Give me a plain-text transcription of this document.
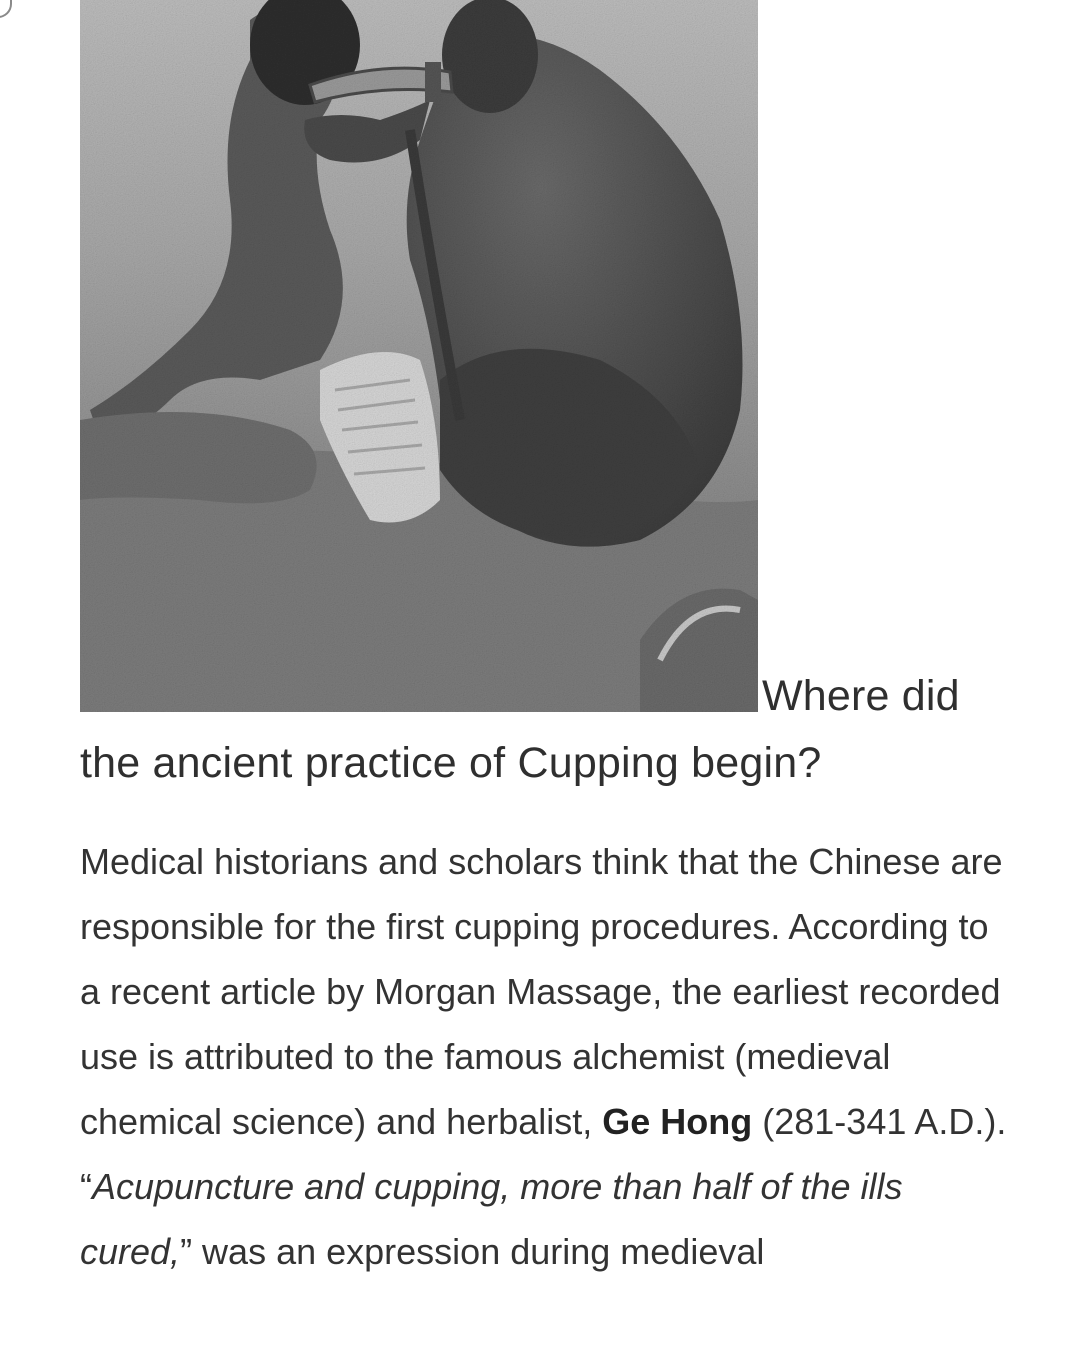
Where did the ancient practice of Cupping begin?

Medical historians and scholars think that the Chinese are responsible for the first cupping procedures. According to a recent article by Morgan Massage, the earliest recorded use is attributed to the famous alchemist (medieval chemical science) and herbalist, Ge Hong (281-341 A.D.). “Acupuncture and cupping, more than half of the ills cured,” was an expression during medieval
